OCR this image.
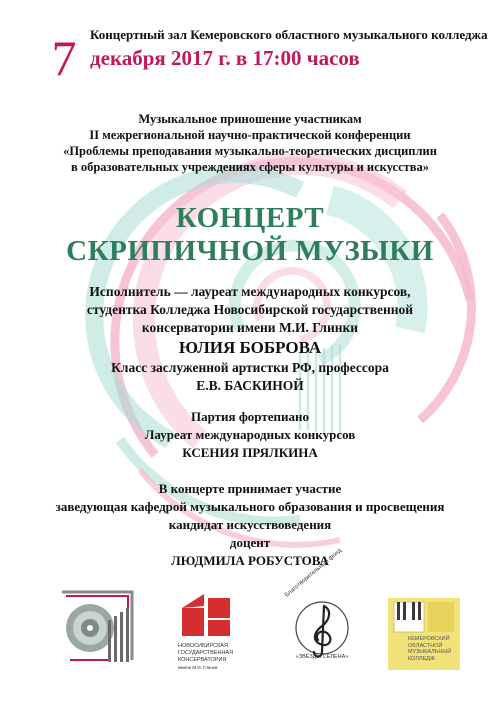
7	Концертный зал Кемеровского областного музыкального колледжа
декабря 2017 г. в 17:00 часов
Музыкальное приношение участникам
II межрегиональной научно-практической конференции
«Проблемы преподавания музыкально-теоретических дисциплин
в образовательных учреждениях сферы культуры и искусства»
КОНЦЕРТ
СКРИПИЧНОЙ МУЗЫКИ
Исполнитель — лауреат международных конкурсов,
студентка Колледжа Новосибирской государственной
консерватории имени М.И. Глинки
ЮЛИЯ БОБРОВА
Класс заслуженной артистки РФ, профессора
Е.В. БАСКИНОЙ
Партия фортепиано
Лауреат международных конкурсов
КСЕНИЯ ПРЯЛКИНА
В концерте принимает участие
заведующая кафедрой музыкального образования и просвещения
кандидат искусствоведения
доцент
ЛЮДМИЛА РОБУСТОВА
НОВОСИБИРСКАЯ
ГОСУДАРСТВЕННАЯ
КОНСЕРВАТОРИЯ
имени М.И. Глинки
Благотворительный фонд
«ЗВЁЗДЫ СЕЛЕНА»
КЕМЕРОВСКИЙ
ОБЛАСТНОЙ
МУЗЫКАЛЬНЫЙ
КОЛЛЕДЖ
